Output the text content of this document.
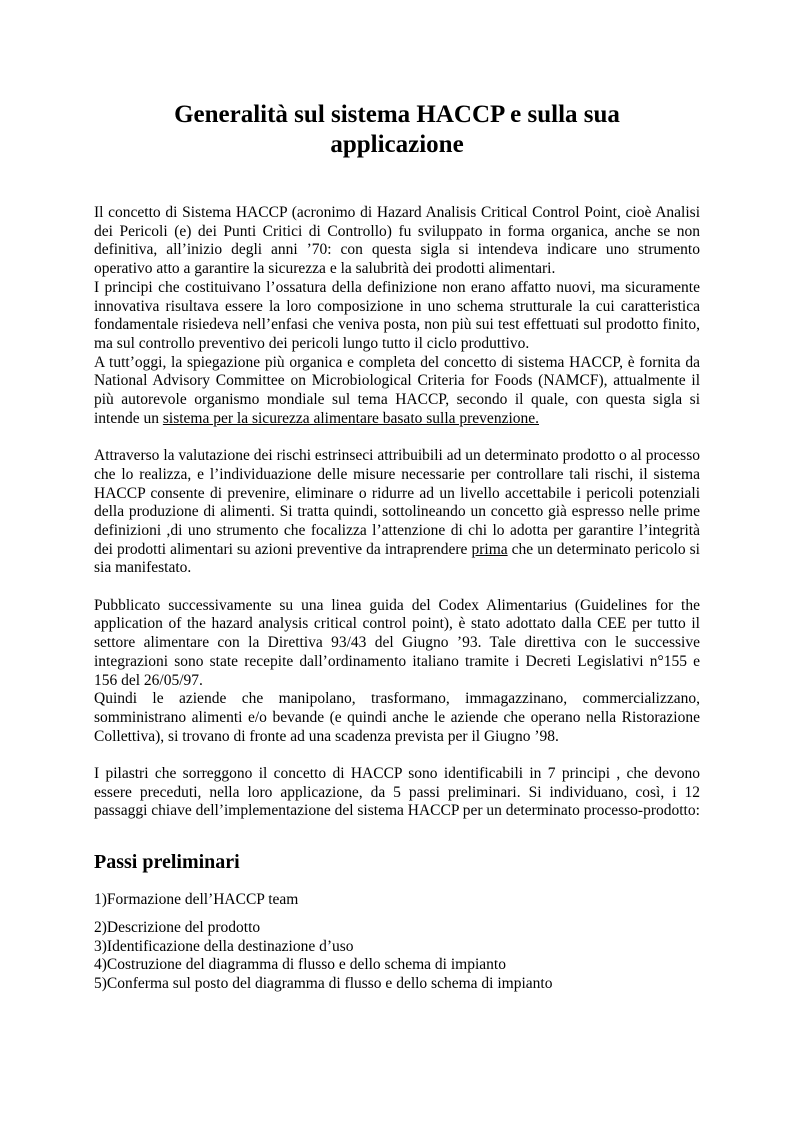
Generalità sul sistema HACCP e sulla sua applicazione

Il concetto di Sistema HACCP (acronimo di Hazard Analisis Critical Control Point, cioè Analisi dei Pericoli (e) dei Punti Critici di Controllo) fu sviluppato in forma organica, anche se non definitiva, all’inizio degli anni ’70: con questa sigla si intendeva indicare uno strumento operativo atto a garantire la sicurezza e la salubrità dei prodotti alimentari.

I principi che costituivano l’ossatura della definizione non erano affatto nuovi, ma sicuramente innovativa risultava essere la loro composizione in uno schema strutturale la cui caratteristica fondamentale risiedeva nell’enfasi che veniva posta, non più sui test effettuati sul prodotto finito, ma sul controllo preventivo dei pericoli lungo tutto il ciclo produttivo.

A tutt’oggi, la spiegazione più organica e completa del concetto di sistema HACCP, è fornita da National Advisory Committee on Microbiological Criteria for Foods (NAMCF), attualmente il più autorevole organismo mondiale sul tema HACCP, secondo il quale, con questa sigla si intende un sistema per la sicurezza alimentare basato sulla prevenzione.

Attraverso la valutazione dei rischi estrinseci attribuibili ad un determinato prodotto o al processo che lo realizza, e l’individuazione delle misure necessarie per controllare tali rischi, il sistema HACCP consente di prevenire, eliminare o ridurre ad un livello accettabile i pericoli potenziali della produzione di alimenti. Si tratta quindi, sottolineando un concetto già espresso nelle prime definizioni ,di uno strumento che focalizza l’attenzione di chi lo adotta per garantire l’integrità dei prodotti alimentari su azioni preventive da intraprendere prima che un determinato pericolo si sia manifestato.

Pubblicato successivamente su una linea guida del Codex Alimentarius (Guidelines for the application of the hazard analysis critical control point), è stato adottato dalla CEE per tutto il settore alimentare con la Direttiva 93/43 del Giugno ’93. Tale direttiva con le successive integrazioni sono state recepite dall’ordinamento italiano tramite i Decreti Legislativi n°155 e 156 del 26/05/97.

Quindi le aziende che manipolano, trasformano, immagazzinano, commercializzano, somministrano alimenti e/o bevande (e quindi anche le aziende che operano nella Ristorazione Collettiva), si trovano di fronte ad una scadenza prevista per il Giugno ’98.

I pilastri che sorreggono il concetto di HACCP sono identificabili in 7 principi , che devono essere preceduti, nella loro applicazione, da 5 passi preliminari. Si individuano, così, i 12 passaggi chiave dell’implementazione del sistema HACCP per un determinato processo-prodotto:

Passi preliminari
1)Formazione dell’HACCP team
2)Descrizione del prodotto
3)Identificazione della destinazione d’uso
4)Costruzione del diagramma di flusso e dello schema di impianto
5)Conferma sul posto del diagramma di flusso e dello schema di impianto
